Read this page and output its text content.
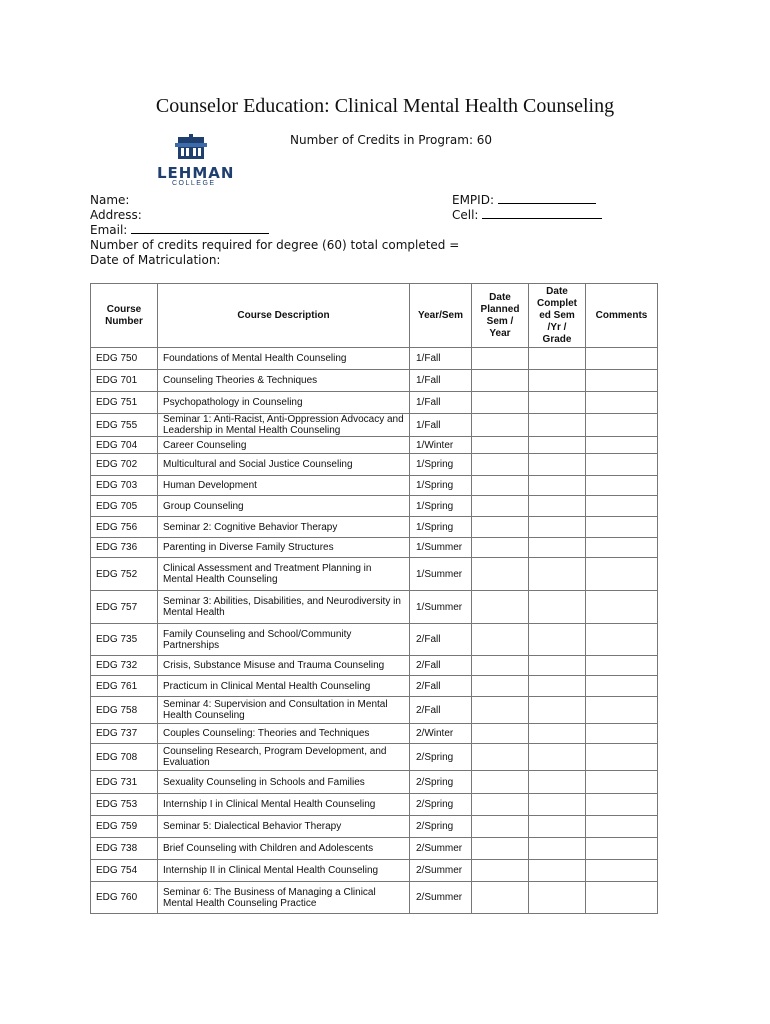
Counselor Education: Clinical Mental Health Counseling
Number of Credits in Program: 60
LEHMAN
COLLEGE
Name:
Address:
Email:
Number of credits required for degree (60) total completed =
Date of Matriculation:
EMPID:
Cell:
Course Number	Course Description	Year/Sem	Date Planned Sem / Year	Date Complet ed Sem /Yr / Grade	Comments
EDG 750	Foundations of Mental Health Counseling	1/Fall			
EDG 701	Counseling Theories & Techniques	1/Fall			
EDG 751	Psychopathology in Counseling	1/Fall			
EDG 755	Seminar 1: Anti-Racist, Anti-Oppression Advocacy and Leadership in Mental Health Counseling	1/Fall			
EDG 704	Career Counseling	1/Winter			
EDG 702	Multicultural and Social Justice Counseling	1/Spring			
EDG 703	Human Development	1/Spring			
EDG 705	Group Counseling	1/Spring			
EDG 756	Seminar 2: Cognitive Behavior Therapy	1/Spring			
EDG 736	Parenting in Diverse Family Structures	1/Summer			
EDG 752	Clinical Assessment and Treatment Planning in Mental Health Counseling	1/Summer			
EDG 757	Seminar 3: Abilities, Disabilities, and Neurodiversity in Mental Health	1/Summer			
EDG 735	Family Counseling and School/Community Partnerships	2/Fall			
EDG 732	Crisis, Substance Misuse and Trauma Counseling	2/Fall			
EDG 761	Practicum in Clinical Mental Health Counseling	2/Fall			
EDG 758	Seminar 4: Supervision and Consultation in Mental Health Counseling	2/Fall			
EDG 737	Couples Counseling: Theories and Techniques	2/Winter			
EDG 708	Counseling Research, Program Development, and Evaluation	2/Spring			
EDG 731	Sexuality Counseling in Schools and Families	2/Spring			
EDG 753	Internship I in Clinical Mental Health Counseling	2/Spring			
EDG 759	Seminar 5: Dialectical Behavior Therapy	2/Spring			
EDG 738	Brief Counseling with Children and Adolescents	2/Summer			
EDG 754	Internship II in Clinical Mental Health Counseling	2/Summer			
EDG 760	Seminar 6: The Business of Managing a Clinical Mental Health Counseling Practice	2/Summer			
